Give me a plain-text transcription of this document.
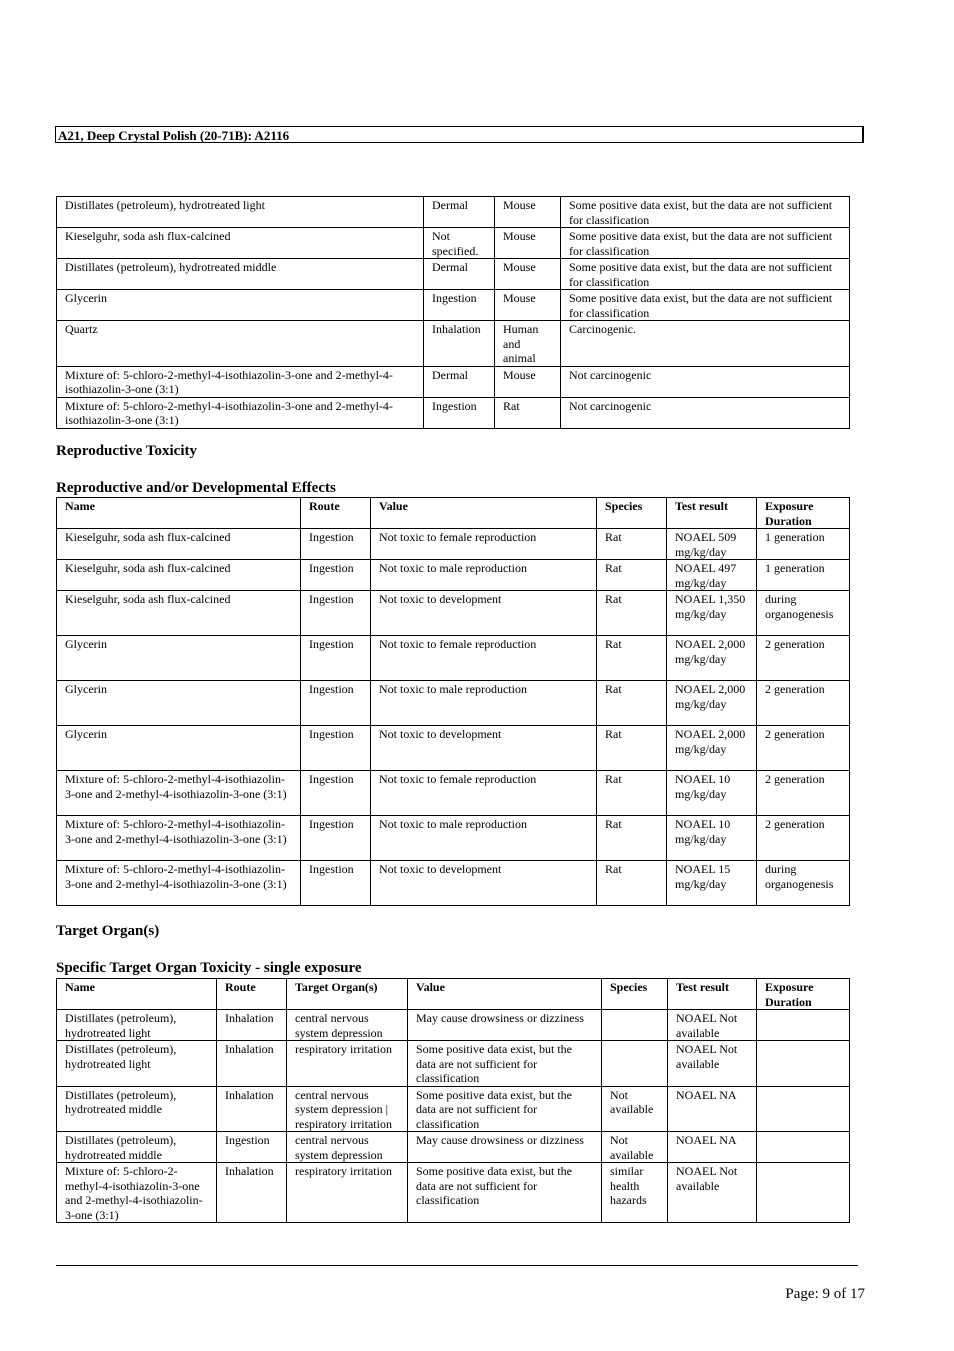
A21, Deep Crystal Polish (20-71B): A2116
Distillates (petroleum), hydrotreated light	Dermal	Mouse	Some positive data exist, but the data are not sufficient for classification
Kieselguhr, soda ash flux-calcined	Not specified.	Mouse	Some positive data exist, but the data are not sufficient for classification
Distillates (petroleum), hydrotreated middle	Dermal	Mouse	Some positive data exist, but the data are not sufficient for classification
Glycerin	Ingestion	Mouse	Some positive data exist, but the data are not sufficient for classification
Quartz	Inhalation	Human and animal	Carcinogenic.
Mixture of: 5-chloro-2-methyl-4-isothiazolin-3-one and 2-methyl-4-isothiazolin-3-one (3:1)	Dermal	Mouse	Not carcinogenic
Mixture of: 5-chloro-2-methyl-4-isothiazolin-3-one and 2-methyl-4-isothiazolin-3-one (3:1)	Ingestion	Rat	Not carcinogenic
Reproductive Toxicity
Reproductive and/or Developmental Effects
Name	Route	Value	Species	Test result	Exposure Duration
Kieselguhr, soda ash flux-calcined	Ingestion	Not toxic to female reproduction	Rat	NOAEL 509 mg/kg/day	1 generation
Kieselguhr, soda ash flux-calcined	Ingestion	Not toxic to male reproduction	Rat	NOAEL 497 mg/kg/day	1 generation
Kieselguhr, soda ash flux-calcined	Ingestion	Not toxic to development	Rat	NOAEL 1,350 mg/kg/day	during organogenesis
Glycerin	Ingestion	Not toxic to female reproduction	Rat	NOAEL 2,000 mg/kg/day	2 generation
Glycerin	Ingestion	Not toxic to male reproduction	Rat	NOAEL 2,000 mg/kg/day	2 generation
Glycerin	Ingestion	Not toxic to development	Rat	NOAEL 2,000 mg/kg/day	2 generation
Mixture of: 5-chloro-2-methyl-4-isothiazolin-3-one and 2-methyl-4-isothiazolin-3-one (3:1)	Ingestion	Not toxic to female reproduction	Rat	NOAEL 10 mg/kg/day	2 generation
Mixture of: 5-chloro-2-methyl-4-isothiazolin-3-one and 2-methyl-4-isothiazolin-3-one (3:1)	Ingestion	Not toxic to male reproduction	Rat	NOAEL 10 mg/kg/day	2 generation
Mixture of: 5-chloro-2-methyl-4-isothiazolin-3-one and 2-methyl-4-isothiazolin-3-one (3:1)	Ingestion	Not toxic to development	Rat	NOAEL 15 mg/kg/day	during organogenesis
Target Organ(s)
Specific Target Organ Toxicity - single exposure
Name	Route	Target Organ(s)	Value	Species	Test result	Exposure Duration
Distillates (petroleum), hydrotreated light	Inhalation	central nervous system depression	May cause drowsiness or dizziness		NOAEL Not available	
Distillates (petroleum), hydrotreated light	Inhalation	respiratory irritation	Some positive data exist, but the data are not sufficient for classification		NOAEL Not available	
Distillates (petroleum), hydrotreated middle	Inhalation	central nervous system depression | respiratory irritation	Some positive data exist, but the data are not sufficient for classification	Not available	NOAEL NA	
Distillates (petroleum), hydrotreated middle	Ingestion	central nervous system depression	May cause drowsiness or dizziness	Not available	NOAEL NA	
Mixture of: 5-chloro-2-methyl-4-isothiazolin-3-one and 2-methyl-4-isothiazolin-3-one (3:1)	Inhalation	respiratory irritation	Some positive data exist, but the data are not sufficient for classification	similar health hazards	NOAEL Not available	
Page: 9 of 17
